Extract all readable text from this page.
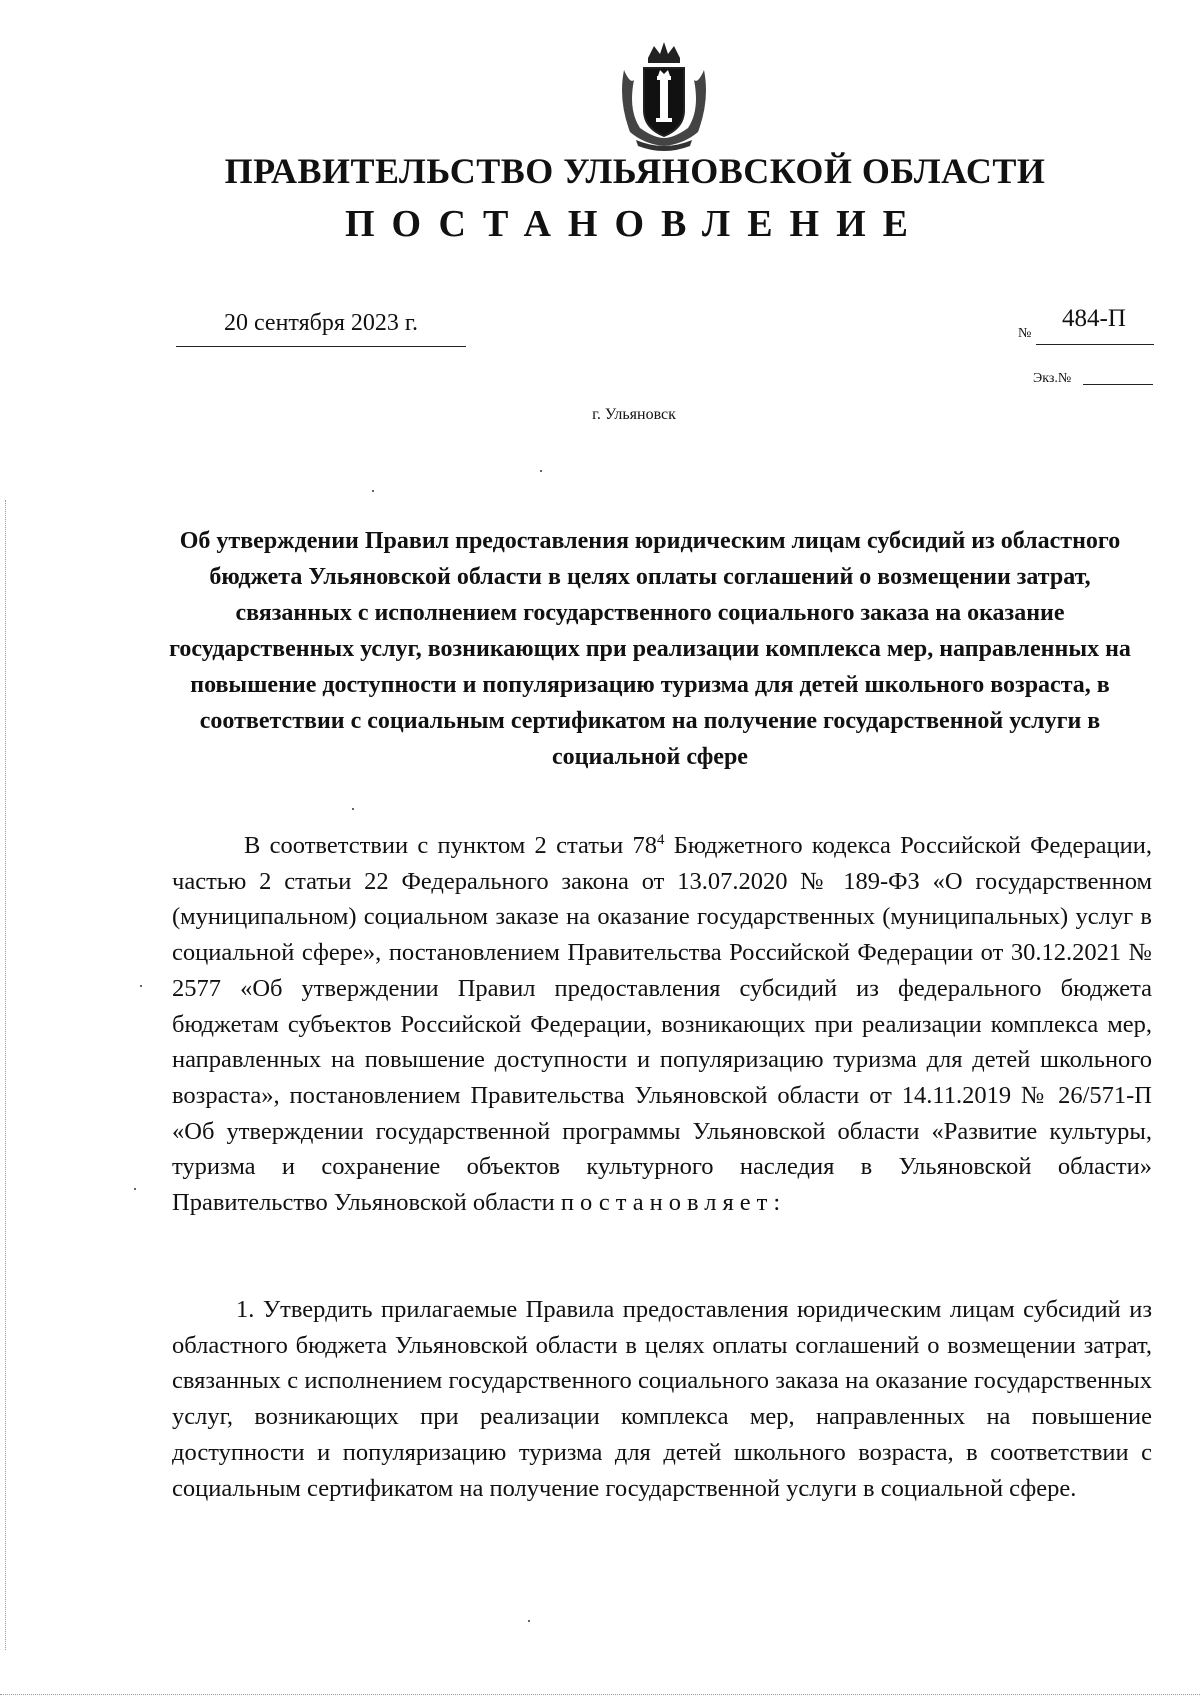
ПРАВИТЕЛЬСТВО УЛЬЯНОВСКОЙ ОБЛАСТИ
ПОСТАНОВЛЕНИЕ
20 сентября 2023 г.	№
484-П
Экз.№
г. Ульяновск
Об утверждении Правил предоставления юридическим лицам субсидий из областного бюджета Ульяновской области в целях оплаты соглашений о возмещении затрат, связанных с исполнением государственного социального заказа на оказание государственных услуг, возникающих при реализации комплекса мер, направленных на повышение доступности и популяризацию туризма для детей школьного возраста, в соответствии с социальным сертификатом на получение государственной услуги в социальной сфере
В соответствии с пунктом 2 статьи $78^4$ Бюджетного кодекса Российской Федерации, частью 2 статьи 22 Федерального закона от 13.07.2020 № 189-ФЗ «О государственном (муниципальном) социальном заказе на оказание государственных (муниципальных) услуг в социальной сфере», постановлением Правительства Российской Федерации от 30.12.2021 № 2577 «Об утверждении Правил предоставления субсидий из федерального бюджета бюджетам субъектов Российской Федерации, возникающих при реализации комплекса мер, направленных на повышение доступности и популяризацию туризма для детей школьного возраста», постановлением Правительства Ульяновской области от 14.11.2019 № 26/571-П «Об утверждении государственной программы Ульяновской области «Развитие культуры, туризма и сохранение объектов культурного наследия в Ульяновской области» Правительство Ульяновской области постановляет:
1. Утвердить прилагаемые Правила предоставления юридическим лицам субсидий из областного бюджета Ульяновской области в целях оплаты соглашений о возмещении затрат, связанных с исполнением государственного социального заказа на оказание государственных услуг, возникающих при реализации комплекса мер, направленных на повышение доступности и популяризацию туризма для детей школьного возраста, в соответствии с социальным сертификатом на получение государственной услуги в социальной сфере.
